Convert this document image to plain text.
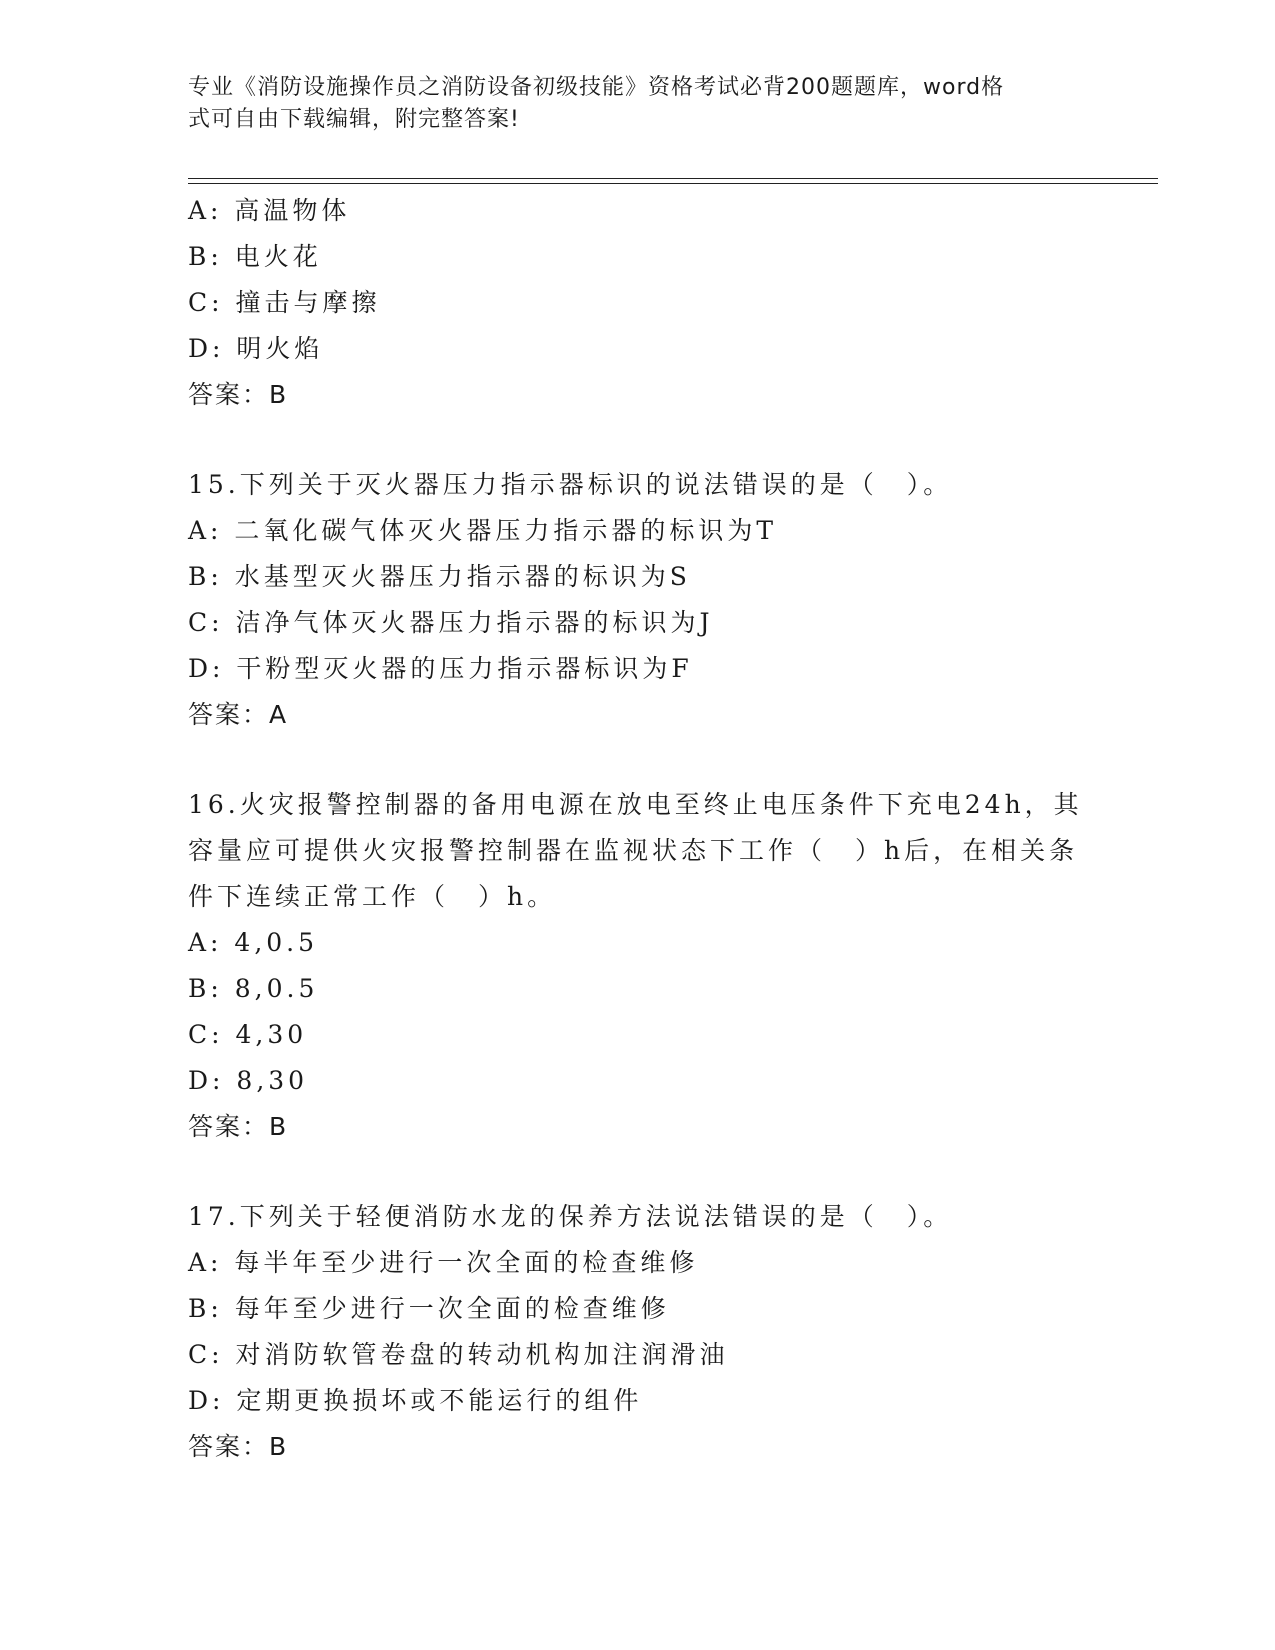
专业《消防设施操作员之消防设备初级技能》资格考试必背200题题库，word格
式可自由下载编辑，附完整答案!
A: 高温物体
B: 电火花
C: 撞击与摩擦
D: 明火焰
答案：B
15.下列关于灭火器压力指示器标识的说法错误的是（　）。
A: 二氧化碳气体灭火器压力指示器的标识为T
B: 水基型灭火器压力指示器的标识为S
C: 洁净气体灭火器压力指示器的标识为J
D: 干粉型灭火器的压力指示器标识为F
答案：A
16.火灾报警控制器的备用电源在放电至终止电压条件下充电24h，其
容量应可提供火灾报警控制器在监视状态下工作（　）h后，在相关条
件下连续正常工作（　）h。
A: 4,0.5
B: 8,0.5
C: 4,30
D: 8,30
答案：B
17.下列关于轻便消防水龙的保养方法说法错误的是（　）。
A: 每半年至少进行一次全面的检查维修
B: 每年至少进行一次全面的检查维修
C: 对消防软管卷盘的转动机构加注润滑油
D: 定期更换损坏或不能运行的组件
答案：B
